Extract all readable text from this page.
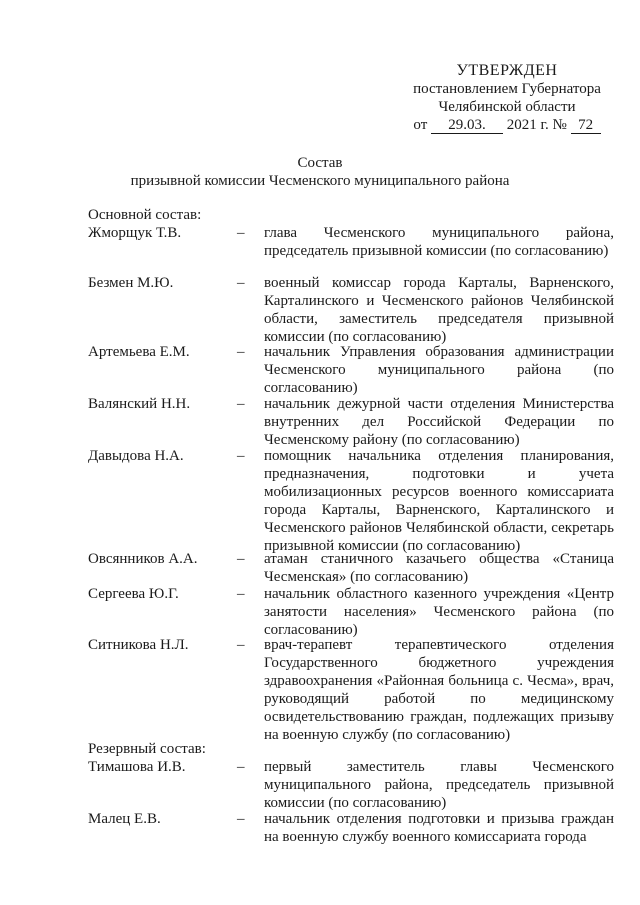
УТВЕРЖДЕН
постановлением Губернатора
Челябинской области
от 29.03. 2021 г. № 72
Состав
призывной комиссии Чесменского муниципального района
Основной состав:
Жморщук Т.В.	– глава Чесменского муниципального района, председатель призывной комиссии (по согласованию)
Безмен М.Ю.	– военный комиссар города Карталы, Варненского, Карталинского и Чесменского районов Челябинской области, заместитель председателя призывной комиссии (по согласованию)
Артемьева Е.М.	– начальник Управления образования администрации Чесменского муниципального района (по согласованию)
Валянский Н.Н.	– начальник дежурной части отделения Министерства внутренних дел Российской Федерации по Чесменскому району (по согласованию)
Давыдова Н.А.	– помощник начальника отделения планирования, предназначения, подготовки и учета мобилизационных ресурсов военного комиссариата города Карталы, Варненского, Карталинского и Чесменского районов Челябинской области, секретарь призывной комиссии (по согласованию)
Овсянников А.А.	– атаман станичного казачьего общества «Станица Чесменская» (по согласованию)
Сергеева Ю.Г.	– начальник областного казенного учреждения «Центр занятости населения» Чесменского района (по согласованию)
Ситникова Н.Л.	– врач-терапевт терапевтического отделения Государственного бюджетного учреждения здравоохранения «Районная больница с. Чесма», врач, руководящий работой по медицинскому освидетельствованию граждан, подлежащих призыву на военную службу (по согласованию)
Резервный состав:
Тимашова И.В.	– первый заместитель главы Чесменского муниципального района, председатель призывной комиссии (по согласованию)
Малец Е.В.	– начальник отделения подготовки и призыва граждан на военную службу военного комиссариата города
